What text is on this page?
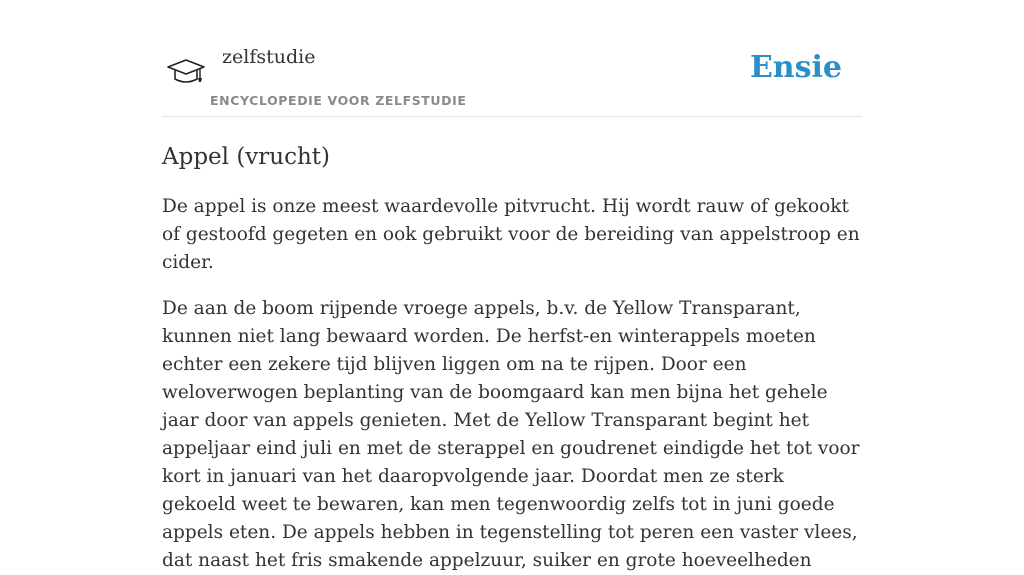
zelfstudie
ENCYCLOPEDIE VOOR ZELFSTUDIE
Ensie
Appel (vrucht)

De appel is onze meest waardevolle pitvrucht. Hij wordt rauw of gekookt of gestoofd gegeten en ook gebruikt voor de bereiding van appelstroop en cider.

De aan de boom rijpende vroege appels, b.v. de Yellow Transparant, kunnen niet lang bewaard worden. De herfst-en winterappels moeten echter een zekere tijd blijven liggen om na te rijpen. Door een weloverwogen beplanting van de boomgaard kan men bijna het gehele jaar door van appels genieten. Met de Yellow Transparant begint het appeljaar eind juli en met de sterappel en goudrenet eindigde het tot voor kort in januari van het daaropvolgende jaar. Doordat men ze sterk gekoeld weet te bewaren, kan men tegenwoordig zelfs tot in juni goede appels eten. De appels hebben in tegenstelling tot peren een vaster vlees, dat naast het fris smakende appelzuur, suiker en grote hoeveelheden
